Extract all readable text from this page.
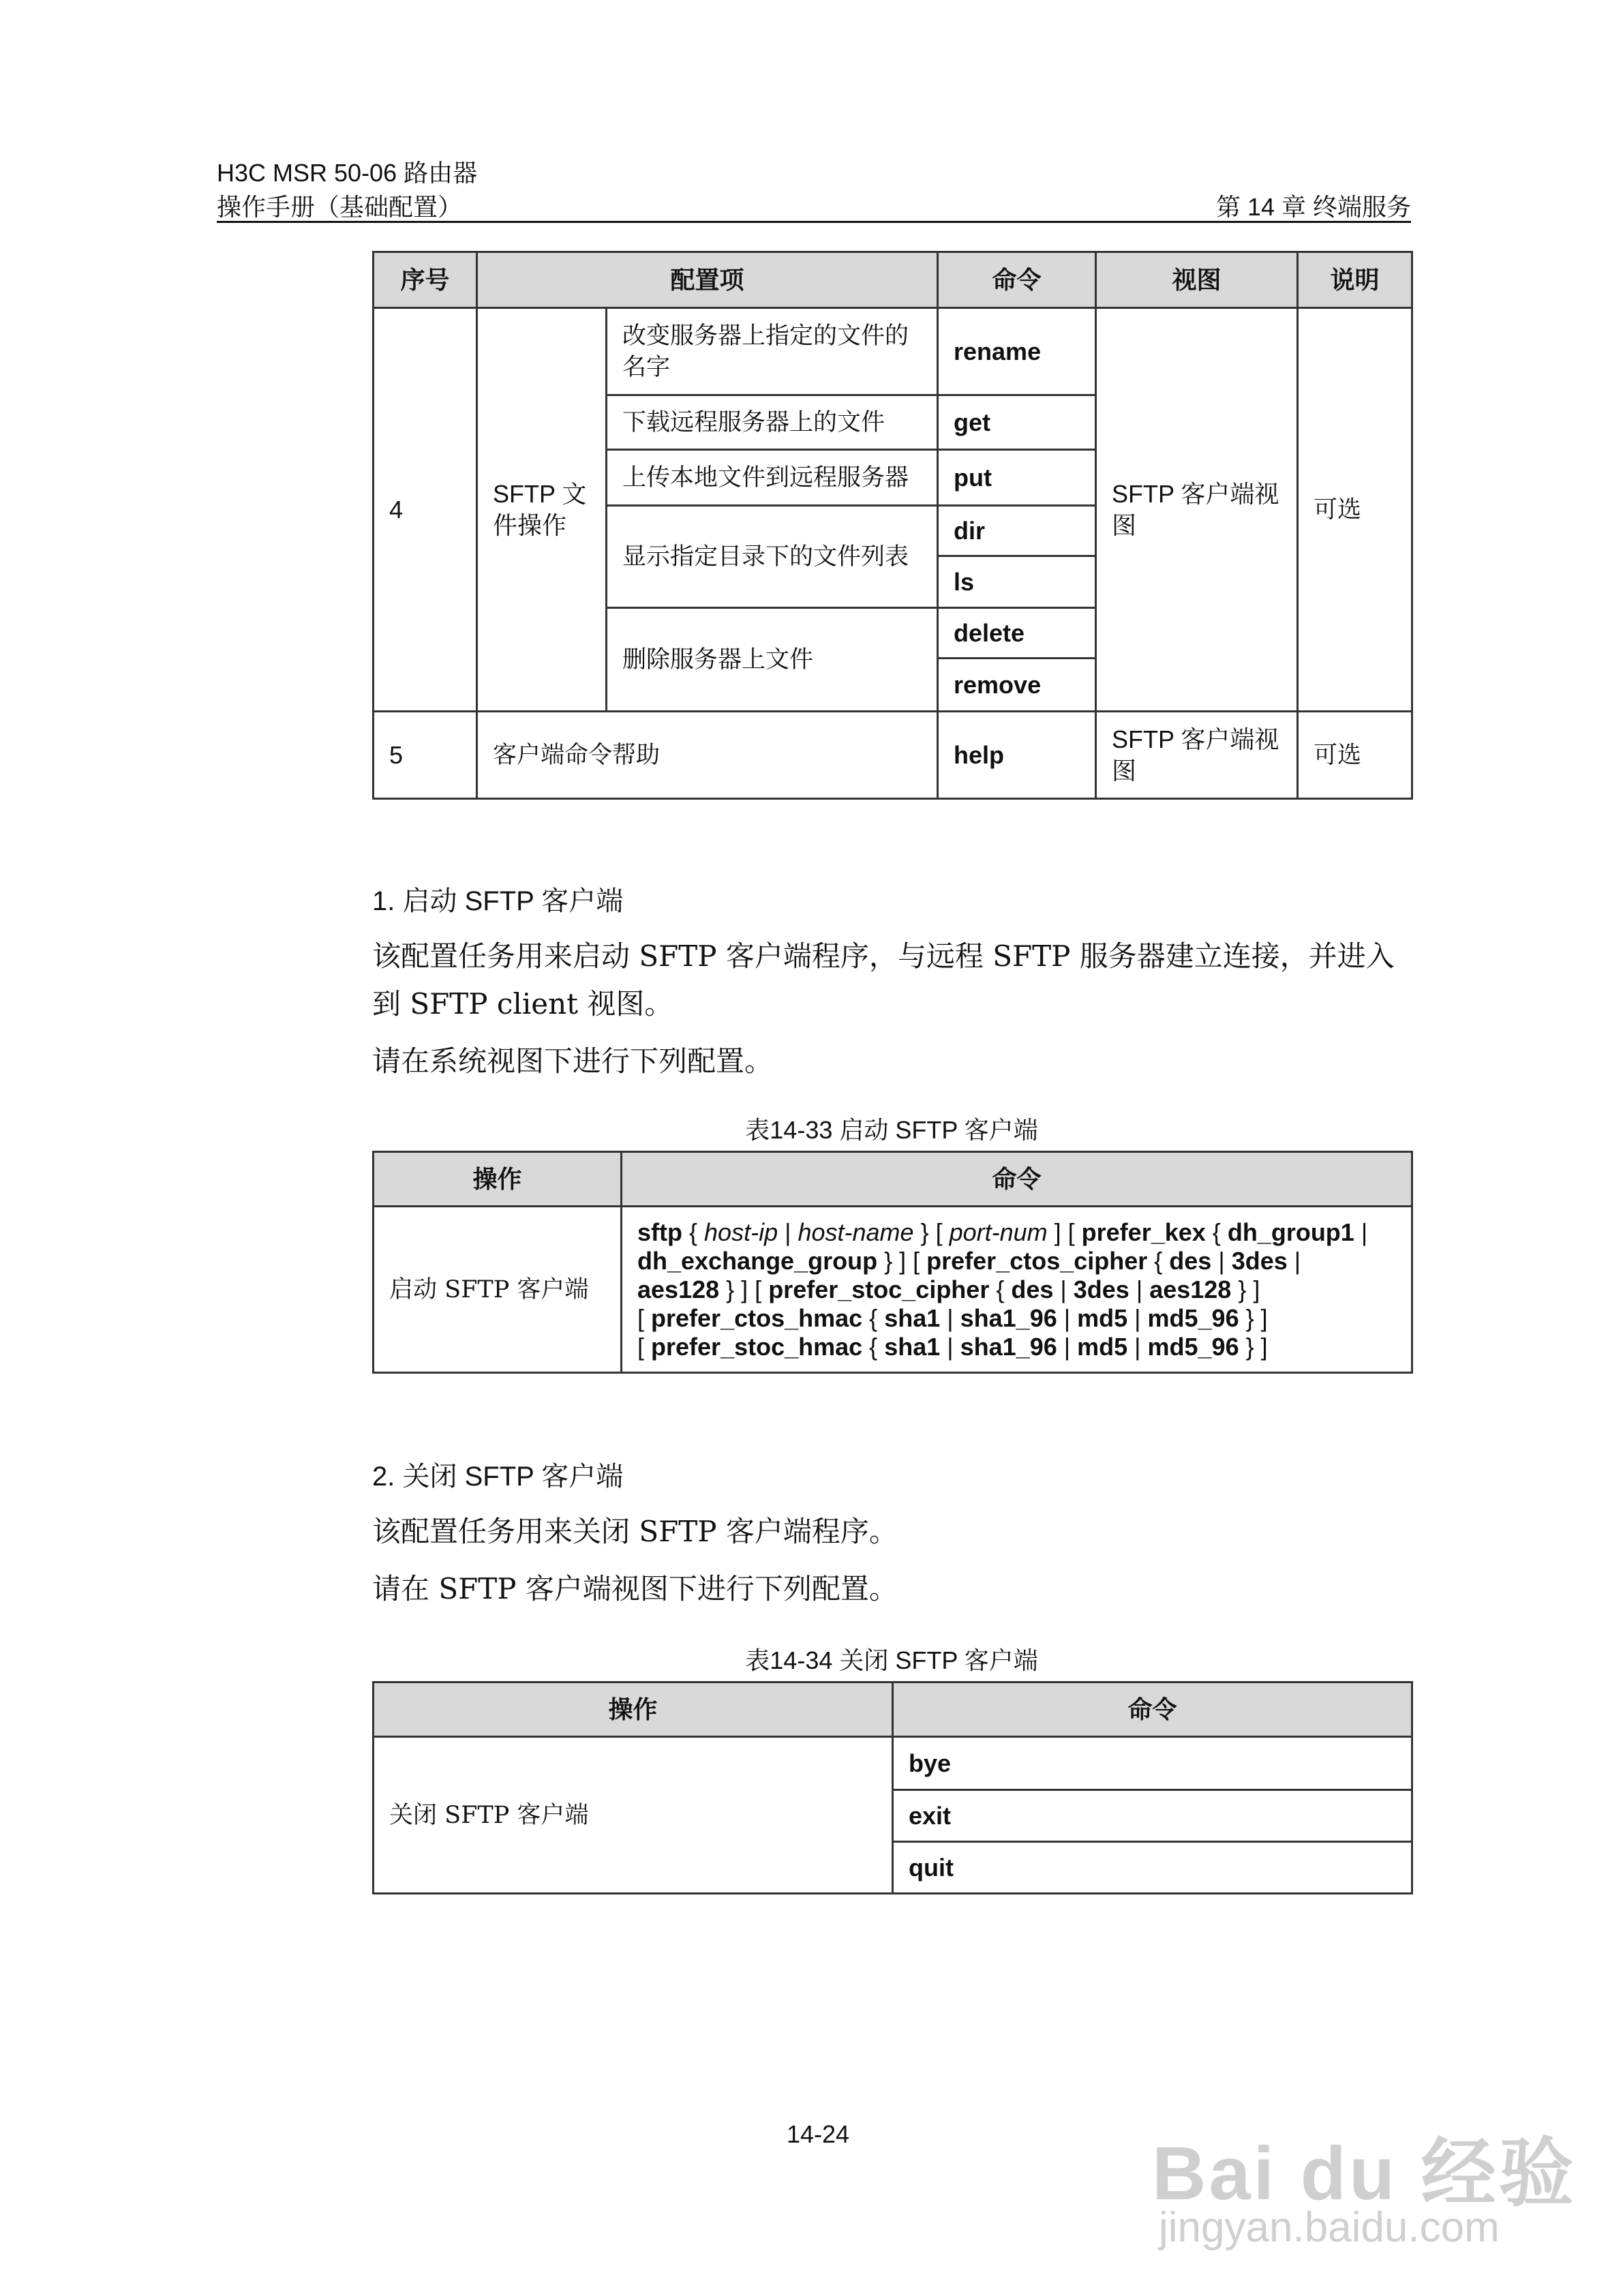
H3C MSR 50-06 路由器
操作手册（基础配置）	第 14 章 终端服务
序号	配置项		命令	视图	说明
4	SFTP 文件操作	改变服务器上指定的文件的名字	rename	SFTP 客户端视图	可选
		下载远程服务器上的文件	get		
		上传本地文件到远程服务器	put		
		显示指定目录下的文件列表	dir		
			ls		
		删除服务器上文件	delete		
			remove		
5	客户端命令帮助		help	SFTP 客户端视图	可选
1. 启动 SFTP 客户端
该配置任务用来启动 SFTP 客户端程序，与远程 SFTP 服务器建立连接，并进入到 SFTP client 视图。
请在系统视图下进行下列配置。
表14-33 启动 SFTP 客户端
操作	命令
启动 SFTP 客户端	sftp { host-ip | host-name } [ port-num ] [ prefer_kex { dh_group1 |
dh_exchange_group } ] [ prefer_ctos_cipher { des | 3des |
aes128 } ] [ prefer_stoc_cipher { des | 3des | aes128 } ]
[ prefer_ctos_hmac { sha1 | sha1_96 | md5 | md5_96 } ]
[ prefer_stoc_hmac { sha1 | sha1_96 | md5 | md5_96 } ]
2. 关闭 SFTP 客户端
该配置任务用来关闭 SFTP 客户端程序。
请在 SFTP 客户端视图下进行下列配置。
表14-34 关闭 SFTP 客户端
操作	命令
关闭 SFTP 客户端	bye
	exit
	quit
14-24	Bai du 经验
jingyan.baidu.com
